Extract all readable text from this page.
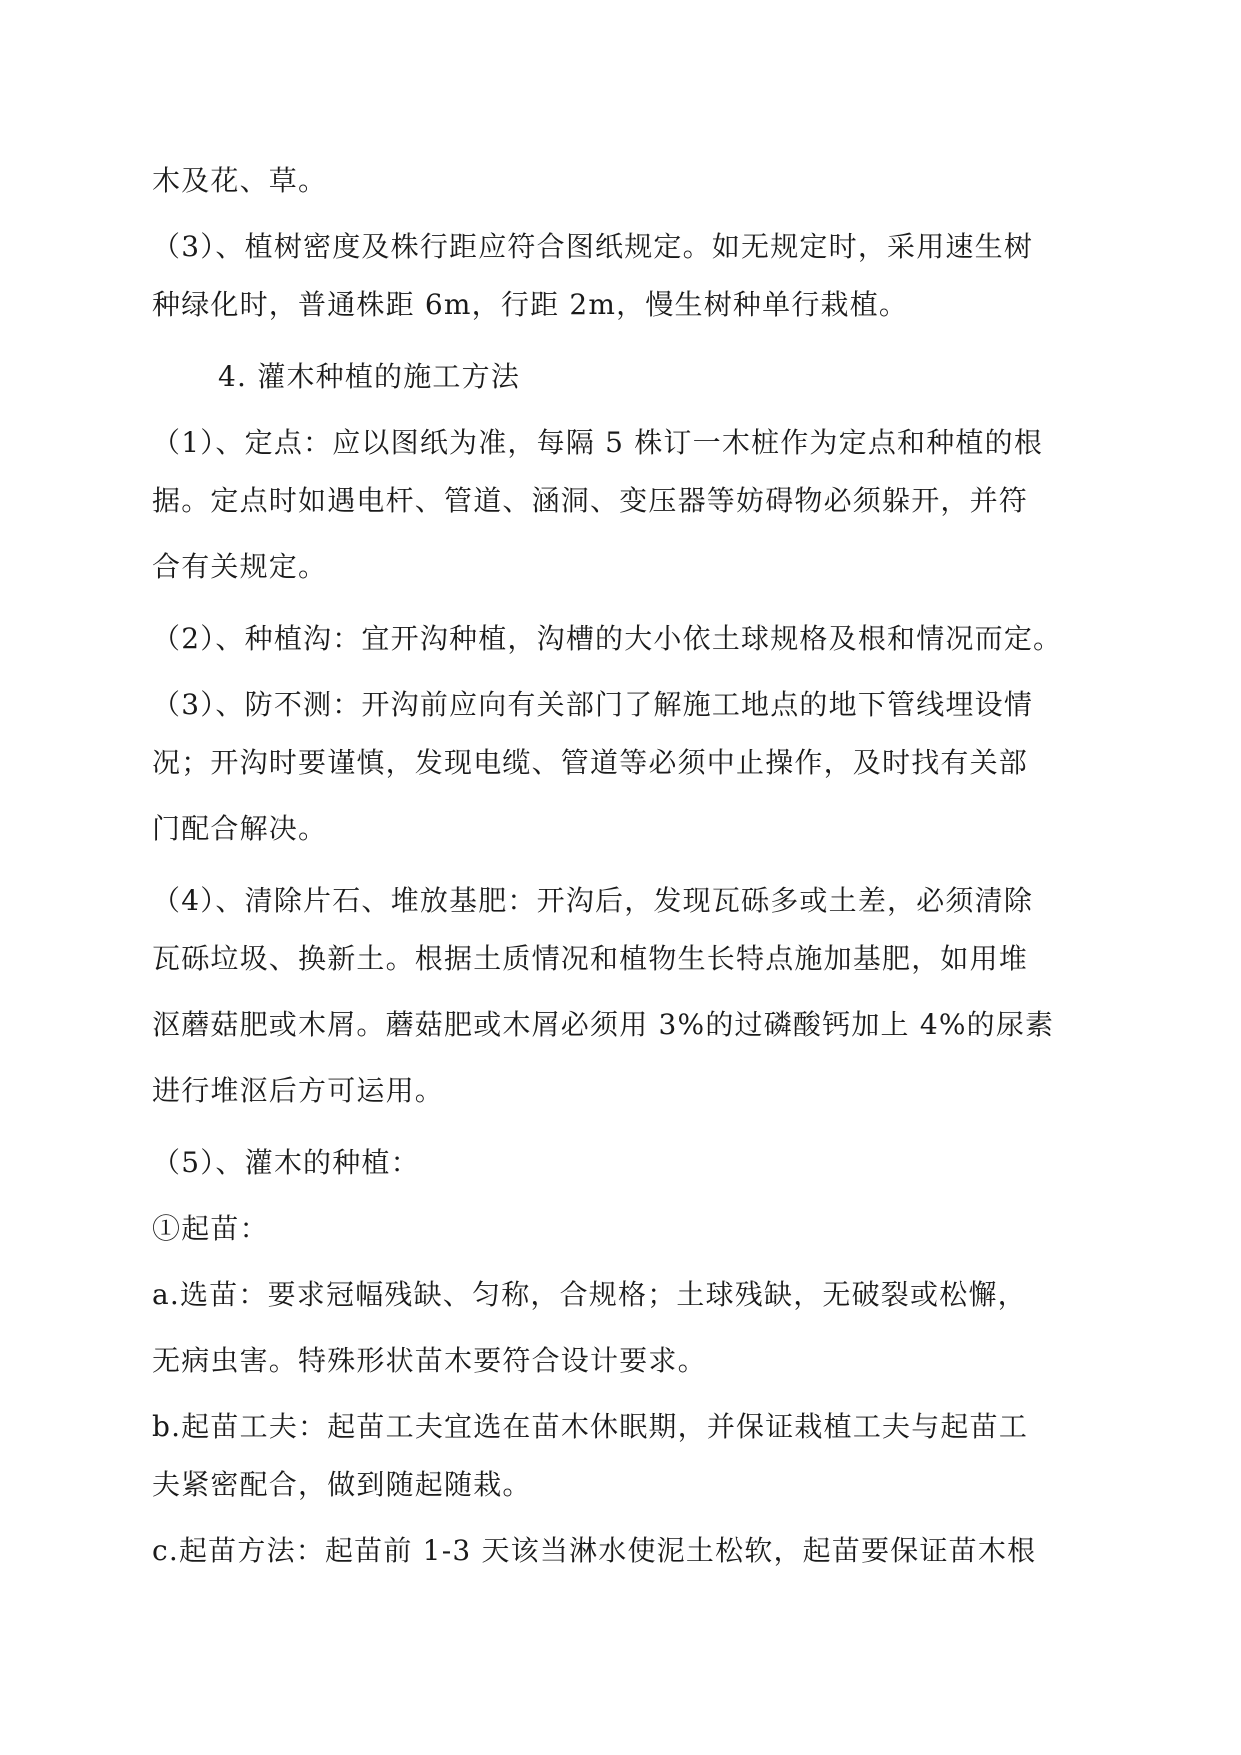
木及花、草。
（3）、植树密度及株行距应符合图纸规定。如无规定时，采用速生树
种绿化时，普通株距 6m，行距 2m，慢生树种单行栽植。
4. 灌木种植的施工方法
（1）、定点：应以图纸为准，每隔 5 株订一木桩作为定点和种植的根
据。定点时如遇电杆、管道、涵洞、变压器等妨碍物必须躲开，并符
合有关规定。
（2）、种植沟：宜开沟种植，沟槽的大小依土球规格及根和情况而定。
（3）、防不测：开沟前应向有关部门了解施工地点的地下管线埋设情
况；开沟时要谨慎，发现电缆、管道等必须中止操作，及时找有关部
门配合解决。
（4）、清除片石、堆放基肥：开沟后，发现瓦砾多或土差，必须清除
瓦砾垃圾、换新土。根据土质情况和植物生长特点施加基肥，如用堆
沤蘑菇肥或木屑。蘑菇肥或木屑必须用 3%的过磷酸钙加上 4%的尿素
进行堆沤后方可运用。
（5）、灌木的种植：
①起苗：
a.选苗：要求冠幅残缺、匀称，合规格；土球残缺，无破裂或松懈，
无病虫害。特殊形状苗木要符合设计要求。
b.起苗工夫：起苗工夫宜选在苗木休眠期，并保证栽植工夫与起苗工
夫紧密配合，做到随起随栽。
c.起苗方法：起苗前 1-3 天该当淋水使泥土松软，起苗要保证苗木根
